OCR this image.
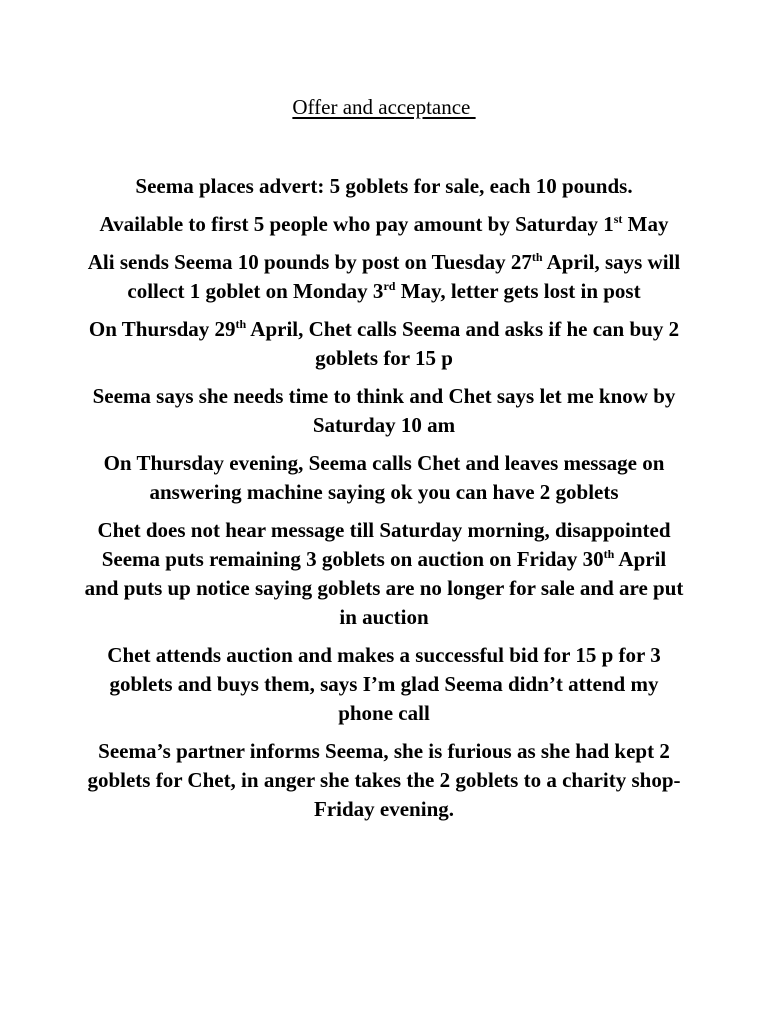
Offer and acceptance

Seema places advert: 5 goblets for sale, each 10 pounds.

Available to first 5 people who pay amount by Saturday 1st May

Ali sends Seema 10 pounds by post on Tuesday 27th April, says will collect 1 goblet on Monday 3rd May, letter gets lost in post

On Thursday 29th April, Chet calls Seema and asks if he can buy 2 goblets for 15 p

Seema says she needs time to think and Chet says let me know by Saturday 10 am

On Thursday evening, Seema calls Chet and leaves message on answering machine saying ok you can have 2 goblets

Chet does not hear message till Saturday morning, disappointed Seema puts remaining 3 goblets on auction on Friday 30th April and puts up notice saying goblets are no longer for sale and are put in auction

Chet attends auction and makes a successful bid for 15 p for 3 goblets and buys them, says I’m glad Seema didn’t attend my phone call

Seema’s partner informs Seema, she is furious as she had kept 2 goblets for Chet, in anger she takes the 2 goblets to a charity shop- Friday evening.
